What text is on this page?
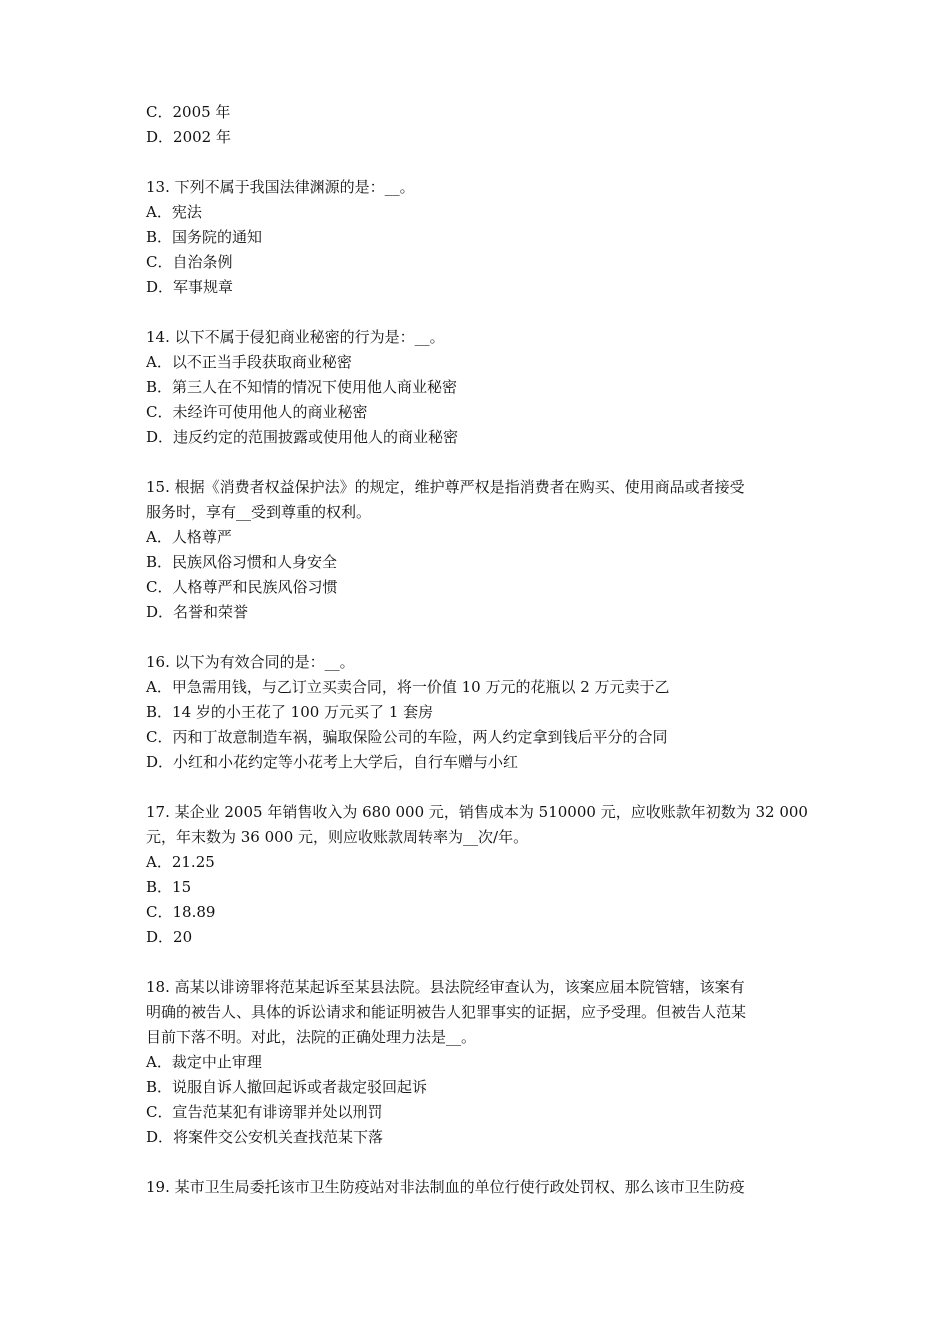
C．2005 年
D．2002 年
13. 下列不属于我国法律渊源的是：__。
A．宪法
B．国务院的通知
C．自治条例
D．军事规章
14. 以下不属于侵犯商业秘密的行为是：__。
A．以不正当手段获取商业秘密
B．第三人在不知情的情况下使用他人商业秘密
C．未经许可使用他人的商业秘密
D．违反约定的范围披露或使用他人的商业秘密
15. 根据《消费者权益保护法》的规定，维护尊严权是指消费者在购买、使用商品或者接受
服务时，享有__受到尊重的权利。
A．人格尊严
B．民族风俗习惯和人身安全
C．人格尊严和民族风俗习惯
D．名誉和荣誉
16. 以下为有效合同的是：__。
A．甲急需用钱，与乙订立买卖合同，将一价值 10 万元的花瓶以 2 万元卖于乙
B．14 岁的小王花了 100 万元买了 1 套房
C．丙和丁故意制造车祸，骗取保险公司的车险，两人约定拿到钱后平分的合同
D．小红和小花约定等小花考上大学后，自行车赠与小红
17. 某企业 2005 年销售收入为 680 000 元，销售成本为 510000 元，应收账款年初数为 32 000
元，年末数为 36 000 元，则应收账款周转率为__次/年。
A．21.25
B．15
C．18.89
D．20
18. 高某以诽谤罪将范某起诉至某县法院。县法院经审查认为，该案应届本院管辖，该案有
明确的被告人、具体的诉讼请求和能证明被告人犯罪事实的证据，应予受理。但被告人范某
目前下落不明。对此，法院的正确处理力法是__。
A．裁定中止审理
B．说服自诉人撤回起诉或者裁定驳回起诉
C．宣告范某犯有诽谤罪并处以刑罚
D．将案件交公安机关查找范某下落
19. 某市卫生局委托该市卫生防疫站对非法制血的单位行使行政处罚权、那么该市卫生防疫
